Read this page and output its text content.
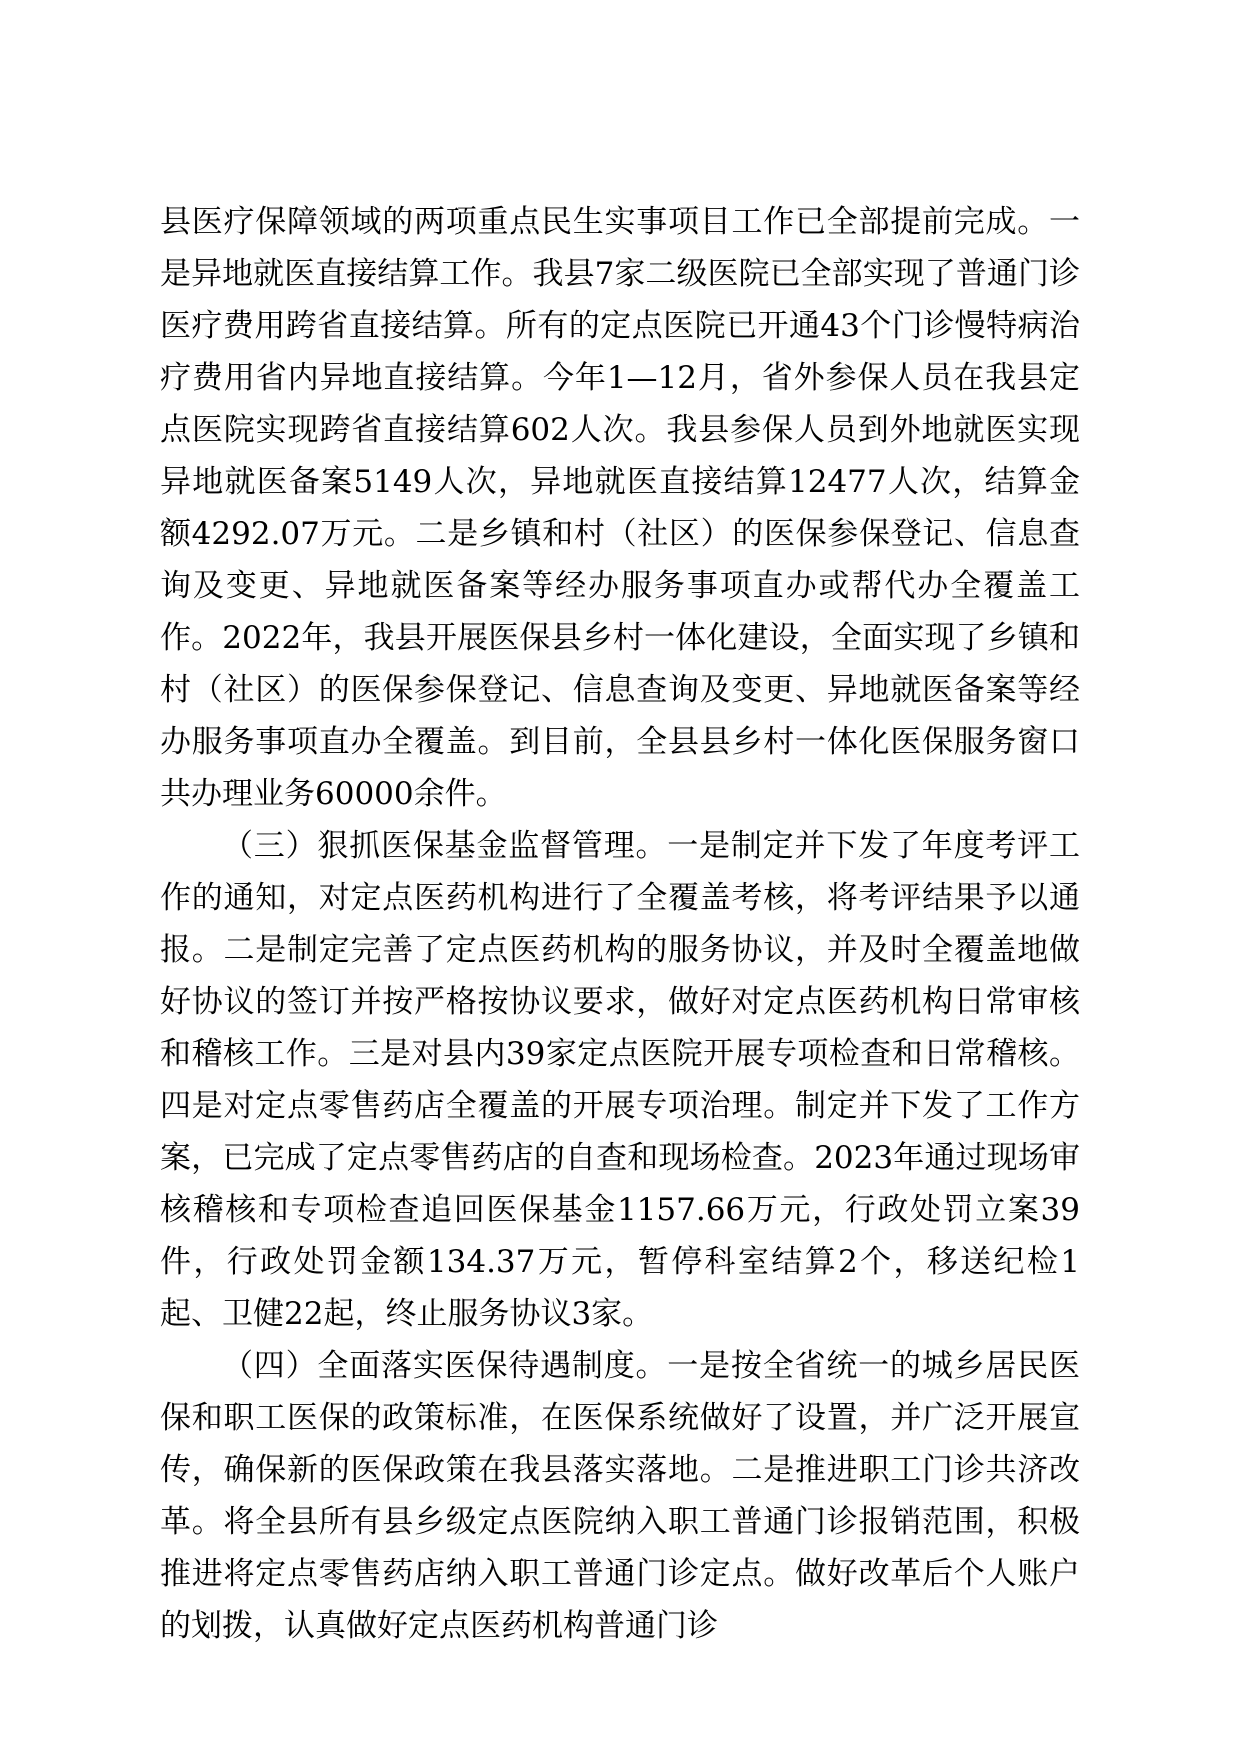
县医疗保障领域的两项重点民生实事项目工作已全部提前完成。一是异地就医直接结算工作。我县7家二级医院已全部实现了普通门诊医疗费用跨省直接结算。所有的定点医院已开通43个门诊慢特病治疗费用省内异地直接结算。今年1—12月，省外参保人员在我县定点医院实现跨省直接结算602人次。我县参保人员到外地就医实现异地就医备案5149人次，异地就医直接结算12477人次，结算金额4292.07万元。二是乡镇和村（社区）的医保参保登记、信息查询及变更、异地就医备案等经办服务事项直办或帮代办全覆盖工作。2022年，我县开展医保县乡村一体化建设，全面实现了乡镇和村（社区）的医保参保登记、信息查询及变更、异地就医备案等经办服务事项直办全覆盖。到目前，全县县乡村一体化医保服务窗口共办理业务60000余件。

（三）狠抓医保基金监督管理。一是制定并下发了年度考评工作的通知，对定点医药机构进行了全覆盖考核，将考评结果予以通报。二是制定完善了定点医药机构的服务协议，并及时全覆盖地做好协议的签订并按严格按协议要求，做好对定点医药机构日常审核和稽核工作。三是对县内39家定点医院开展专项检查和日常稽核。四是对定点零售药店全覆盖的开展专项治理。制定并下发了工作方案，已完成了定点零售药店的自查和现场检查。2023年通过现场审核稽核和专项检查追回医保基金1157.66万元，行政处罚立案39件，行政处罚金额134.37万元，暂停科室结算2个，移送纪检1起、卫健22起，终止服务协议3家。

（四）全面落实医保待遇制度。一是按全省统一的城乡居民医保和职工医保的政策标准，在医保系统做好了设置，并广泛开展宣传，确保新的医保政策在我县落实落地。二是推进职工门诊共济改革。将全县所有县乡级定点医院纳入职工普通门诊报销范围，积极推进将定点零售药店纳入职工普通门诊定点。做好改革后个人账户的划拨，认真做好定点医药机构普通门诊
